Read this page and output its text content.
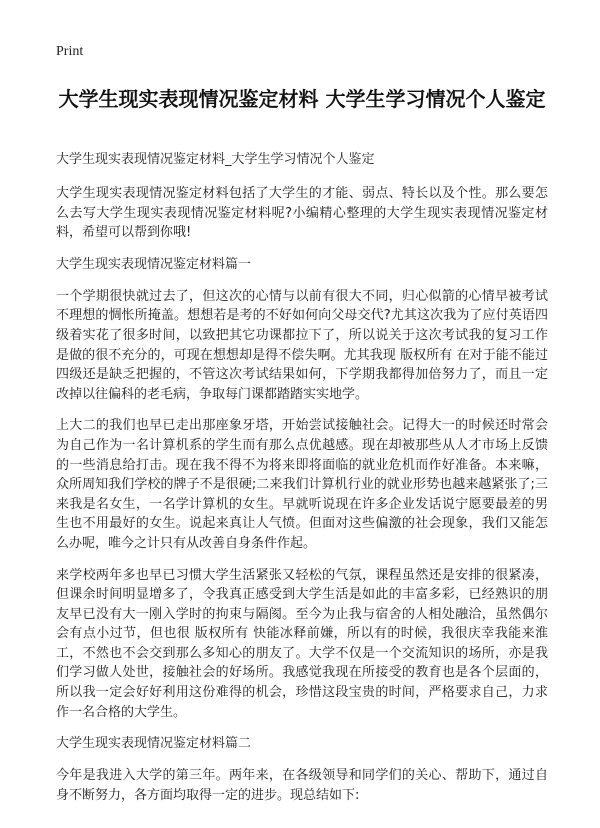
Print
大学生现实表现情况鉴定材料 大学生学习情况个人鉴定

大学生现实表现情况鉴定材料_大学生学习情况个人鉴定

大学生现实表现情况鉴定材料包括了大学生的才能、弱点、特长以及个性。那么要怎么去写大学生现实表现情况鉴定材料呢?小编精心整理的大学生现实表现情况鉴定材料，希望可以帮到你哦!

大学生现实表现情况鉴定材料篇一

一个学期很快就过去了，但这次的心情与以前有很大不同，归心似箭的心情早被考试不理想的惆怅所掩盖。想想若是考的不好如何向父母交代?尤其这次我为了应付英语四级着实花了很多时间，以致把其它功课都拉下了，所以说关于这次考试我的复习工作是做的很不充分的，可现在想想却是得不偿失啊。尤其我现 版权所有 在对于能不能过四级还是缺乏把握的，不管这次考试结果如何，下学期我都得加倍努力了，而且一定改掉以往偏科的老毛病，争取每门课都踏踏实实地学。

上大二的我们也早已走出那座象牙塔，开始尝试接触社会。记得大一的时候还时常会为自己作为一名计算机系的学生而有那么点优越感。现在却被那些从人才市场上反馈的一些消息给打击。现在我不得不为将来即将面临的就业危机而作好准备。本来嘛，众所周知我们学校的牌子不是很硬;二来我们计算机行业的就业形势也越来越紧张了;三来我是名女生，一名学计算机的女生。早就听说现在许多企业发话说宁愿要最差的男生也不用最好的女生。说起来真让人气愤。但面对这些偏激的社会现象，我们又能怎么办呢，唯今之计只有从改善自身条件作起。

来学校两年多也早已习惯大学生活紧张又轻松的气氛，课程虽然还是安排的很紧凑，但课余时间明显增多了，令我真正感受到大学生活是如此的丰富多彩，已经熟识的朋友早已没有大一刚入学时的拘束与隔阂。至今为止我与宿舍的人相处融洽，虽然偶尔会有点小过节，但也很 版权所有 快能冰释前嫌，所以有的时候，我很庆幸我能来淮工，不然也不会交到那么多知心的朋友了。大学不仅是一个交流知识的场所，亦是我们学习做人处世，接触社会的好场所。我感觉我现在所接受的教育也是各个层面的，所以我一定会好好利用这份难得的机会，珍惜这段宝贵的时间，严格要求自己，力求作一名合格的大学生。

大学生现实表现情况鉴定材料篇二

今年是我进入大学的第三年。两年来，在各级领导和同学们的关心、帮助下，通过自身不断努力，各方面均取得一定的进步。现总结如下:
